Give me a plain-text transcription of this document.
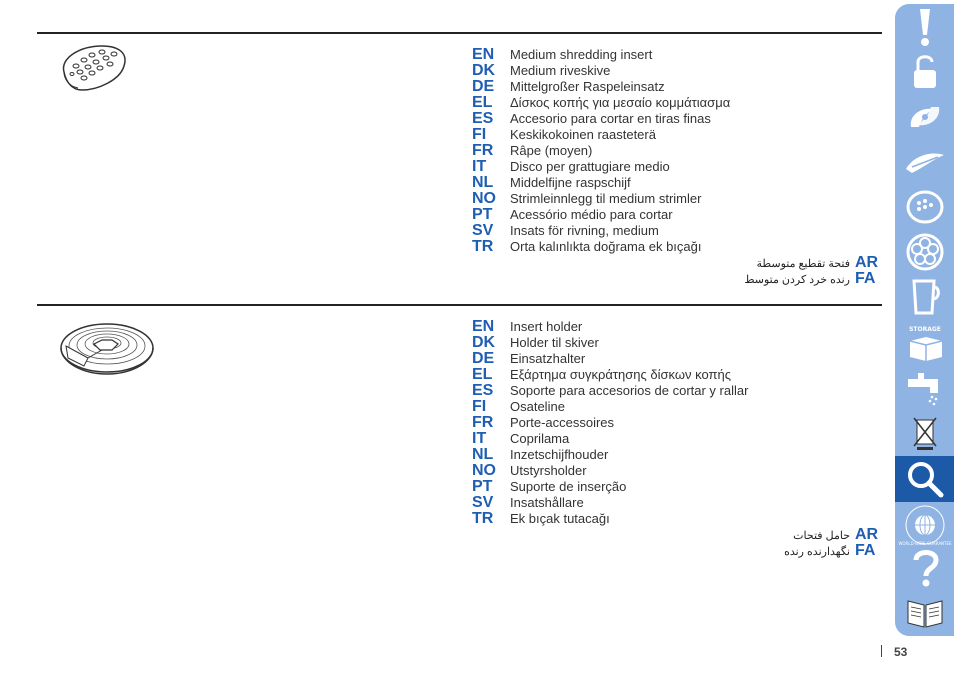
EN $^{Medium shredding insert}$
DK $^{Medium riveskive}$
DE $^{Mittelgroßer Raspeleinsatz}$
EL $^{\Delta ί\sigma\kappa o\varsigma \kappa o\pi ή\varsigma \gamma\iota\alpha \mu\varepsilon\sigma\alpha ίo \kappa o\mu\mu ά\tau\iota\alpha\sigma\mu\alpha}$
ES $^{Accesorio para cortar en tiras finas}$
FI $^{Keskikokoinen raasteterä}$
FR $^{Râpe (moyen)}$
IT $^{Disco per grattugiare medio}$
NL $^{Middelfijne raspschijf}$
NO $^{Strimleinnlegg til medium strimler}$
PT $^{Acessório médio para cortar}$
SV $^{Insats för rivning, medium}$
TR $^{Orta kalınlıkta doğrama ek bıçağı}$
فتحة تقطيع متوسطة AR
رنده خرد کردن متوسط FA
EN $^{Insert holder}$
DK $^{Holder til skiver}$
DE $^{Einsatzhalter}$
EL $^{E\xi ά\rho\tau\eta\mu\alpha \sigma\upsilon\gamma\kappa\rho ά\tau\eta\sigma\eta\varsigma \delta ί\sigma\kappa\omega\nu \kappa o\pi ή\varsigma}$
ES $^{Soporte para accesorios de cortar y rallar}$
FI $^{Osateline}$
FR $^{Porte-accessoires}$
IT $^{Coprilama}$
NL $^{Inzetschijfhouder}$
NO $^{Utstyrsholder}$
PT $^{Suporte de inserção}$
SV $^{Insatshållare}$
TR $^{Ek bıçak tutacağı}$
حامل فتحات AR
نگهدارنده رنده FA
STORAGE
WORLD-WIDE GUARANTEE
53
